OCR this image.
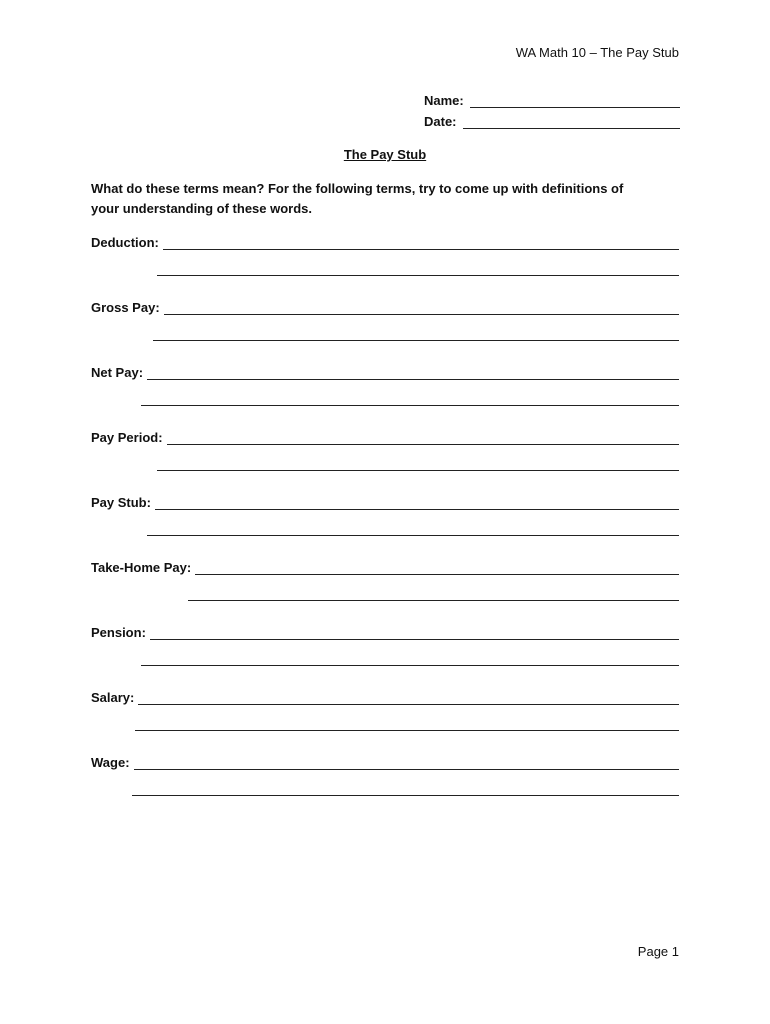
WA Math 10 – The Pay Stub
Name:
Date:
The Pay Stub
What do these terms mean? For the following terms, try to come up with definitions of your understanding of these words.
Deduction:
Gross Pay:
Net Pay:
Pay Period:
Pay Stub:
Take-Home Pay:
Pension:
Salary:
Wage:
Page 1
